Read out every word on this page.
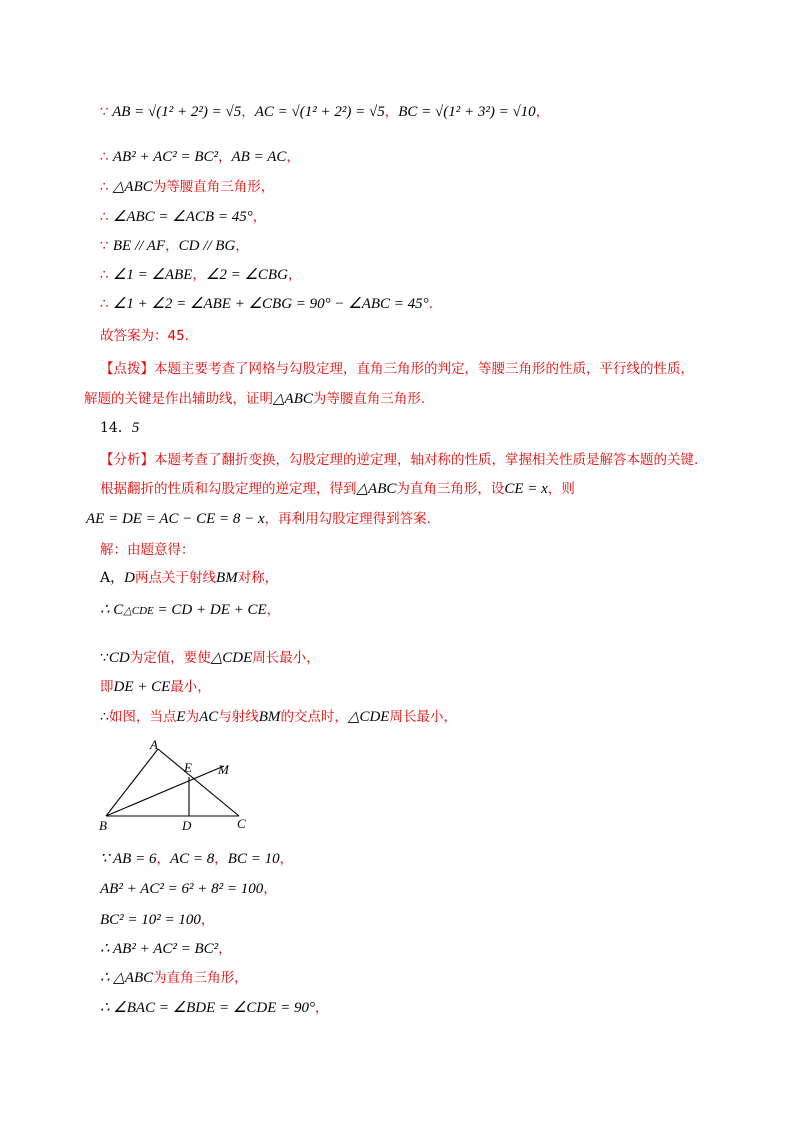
∵ AB = √(1² + 2²) = √5，AC = √(1² + 2²) = √5，BC = √(1² + 3²) = √10，
∴ AB² + AC² = BC²，AB = AC，
∴ △ABC为等腰直角三角形，
∴ ∠ABC = ∠ACB = 45°，
∵ BE // AF，CD // BG，
∴ ∠1 = ∠ABE，∠2 = ∠CBG，
∴ ∠1 + ∠2 = ∠ABE + ∠CBG = 90° − ∠ABC = 45°．
故答案为：45.
【点拨】本题主要考查了网格与勾股定理，直角三角形的判定，等腰三角形的性质，平行线的性质，
解题的关键是作出辅助线，证明△ABC为等腰直角三角形.
14．5
【分析】本题考查了翻折变换，勾股定理的逆定理，轴对称的性质，掌握相关性质是解答本题的关键.
根据翻折的性质和勾股定理的逆定理，得到△ABC为直角三角形，设CE = x，则
AE = DE = AC − CE = 8 − x，再利用勾股定理得到答案.
解：由题意得：
A，D两点关于射线BM对称，
∴ C△CDE = CD + DE + CE，
∵CD为定值，要使△CDE周长最小，
即DE + CE最小，
∴如图，当点E为AC与射线BM的交点时，△CDE周长最小，
A
B	C
D
E M
∵ AB = 6，AC = 8，BC = 10，
AB² + AC² = 6² + 8² = 100，
BC² = 10² = 100，
∴ AB² + AC² = BC²，
∴ △ABC为直角三角形，
∴ ∠BAC = ∠BDE = ∠CDE = 90°，
